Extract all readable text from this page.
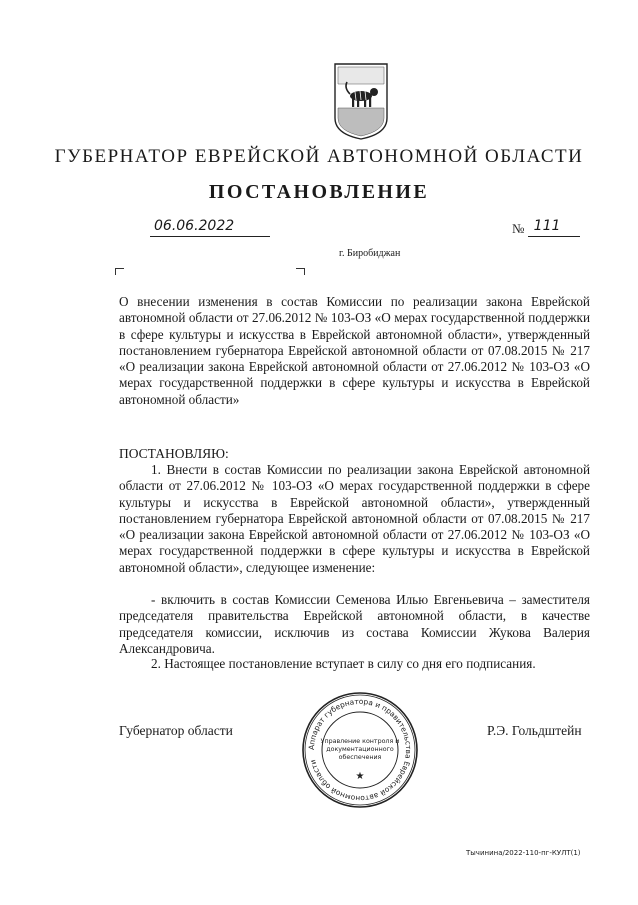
ГУБЕРНАТОР ЕВРЕЙСКОЙ АВТОНОМНОЙ ОБЛАСТИ
ПОСТАНОВЛЕНИЕ
06.06.2022	№ 111
г. Биробиджан
О внесении изменения в состав Комиссии по реализации закона Еврейской автономной области от 27.06.2012 № 103-ОЗ «О мерах государственной поддержки в сфере культуры и искусства в Еврейской автономной области», утвержденный постановлением губернатора Еврейской автономной области от 07.08.2015 № 217 «О реализации закона Еврейской автономной области от 27.06.2012 № 103-ОЗ «О мерах государственной поддержки в сфере культуры и искусства в Еврейской автономной области»
ПОСТАНОВЛЯЮ:
1. Внести в состав Комиссии по реализации закона Еврейской автономной области от 27.06.2012 № 103-ОЗ «О мерах государственной поддержки в сфере культуры и искусства в Еврейской автономной области», утвержденный постановлением губернатора Еврейской автономной области от 07.08.2015 № 217 «О реализации закона Еврейской автономной области от 27.06.2012 № 103-ОЗ «О мерах государственной поддержки в сфере культуры и искусства в Еврейской автономной области», следующее изменение:
- включить в состав Комиссии Семенова Илью Евгеньевича – заместителя председателя правительства Еврейской автономной области, в качестве председателя комиссии, исключив из состава Комиссии Жукова Валерия Александровича.
2. Настоящее постановление вступает в силу со дня его подписания.
Губернатор области	Р.Э. Гольдштейн
Аппарат губернатора и правительства Еврейской автономной области
Управление контроля и
документационного
обеспечения
★
Тычинина/2022-110-пг-КУЛТ(1)
